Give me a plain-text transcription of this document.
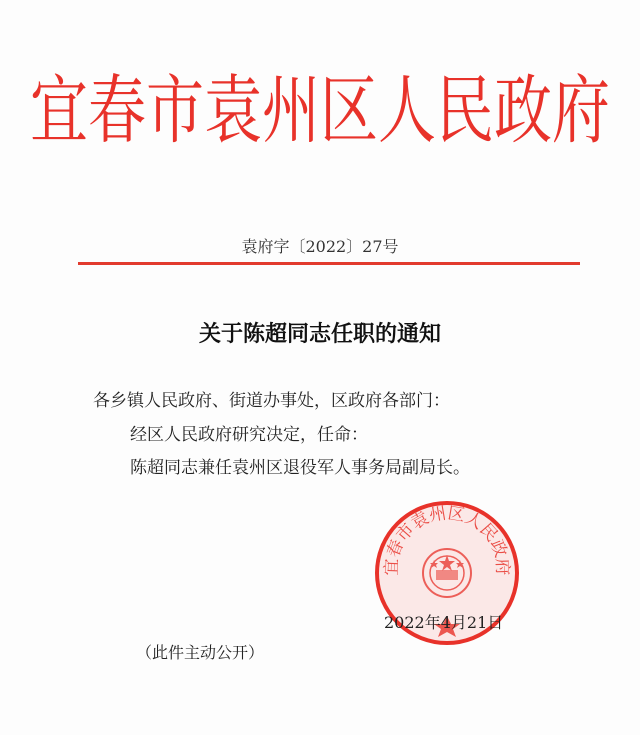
宜春市袁州区人民政府
袁府字〔2022〕27号
关于陈超同志任职的通知
各乡镇人民政府、街道办事处，区政府各部门：
经区人民政府研究决定，任命：
陈超同志兼任袁州区退役军人事务局副局长。
宜春市袁州区人民政府
2022年4月21日
（此件主动公开）
